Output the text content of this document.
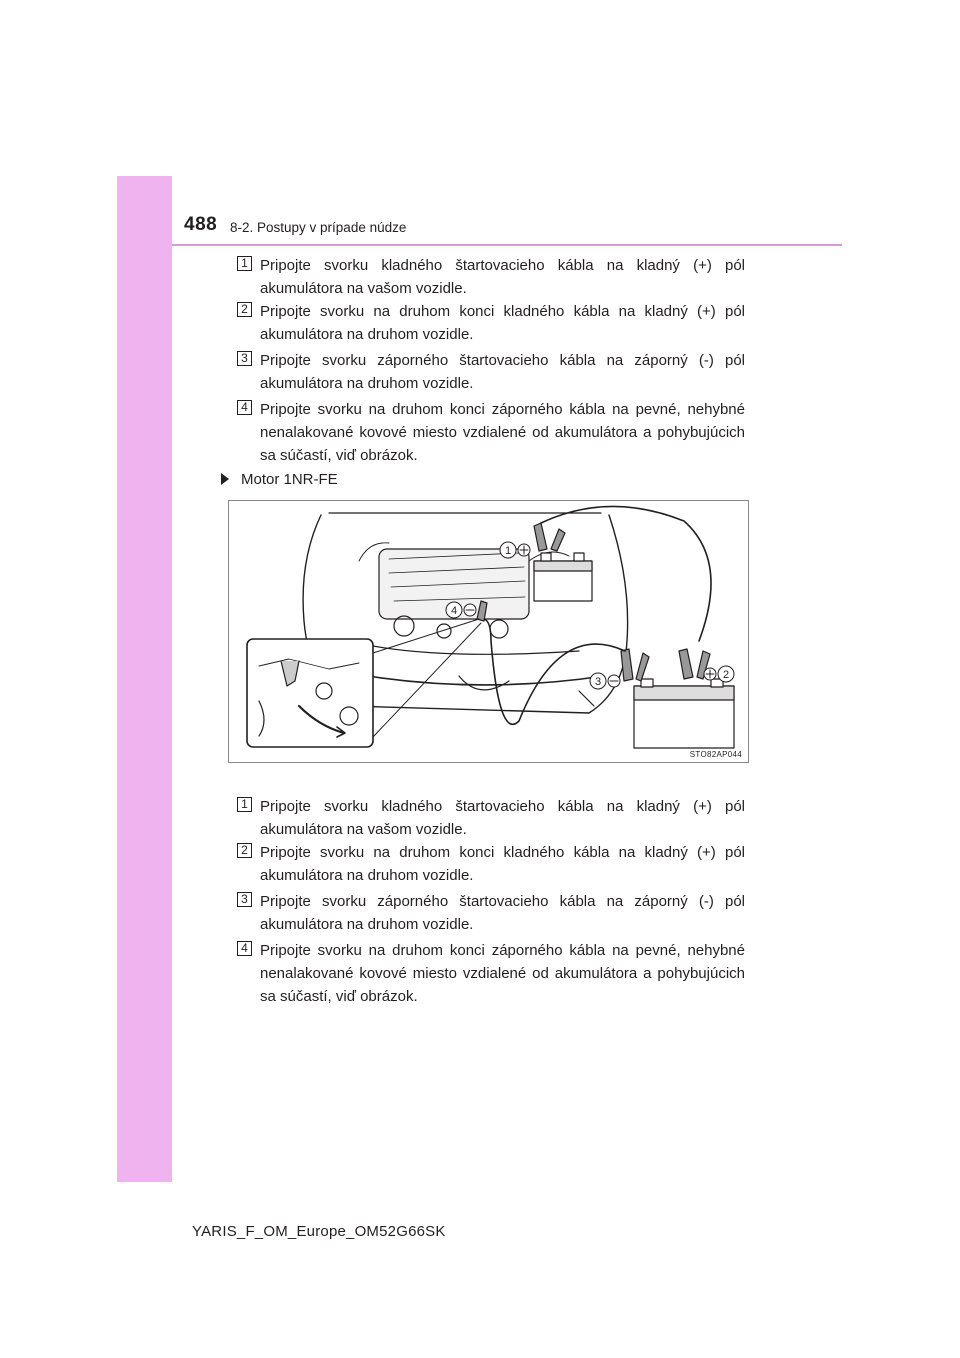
488 8-2. Postupy v prípade núdze
1 Pripojte svorku kladného štartovacieho kábla na kladný (+) pól akumulátora na vašom vozidle.
2 Pripojte svorku na druhom konci kladného kábla na kladný (+) pól akumulátora na druhom vozidle.
3 Pripojte svorku záporného štartovacieho kábla na záporný (-) pól akumulátora na druhom vozidle.
4 Pripojte svorku na druhom konci záporného kábla na pevné, nehybné nenalakované kovové miesto vzdialené od akumulátora a pohybujúcich sa súčastí, viď obrázok.
Motor 1NR-FE
1
2
3
4
STO82AP044
1 Pripojte svorku kladného štartovacieho kábla na kladný (+) pól akumulátora na vašom vozidle.
2 Pripojte svorku na druhom konci kladného kábla na kladný (+) pól akumulátora na druhom vozidle.
3 Pripojte svorku záporného štartovacieho kábla na záporný (-) pól akumulátora na druhom vozidle.
4 Pripojte svorku na druhom konci záporného kábla na pevné, nehybné nenalakované kovové miesto vzdialené od akumulátora a pohybujúcich sa súčastí, viď obrázok.
YARIS_F_OM_Europe_OM52G66SK
